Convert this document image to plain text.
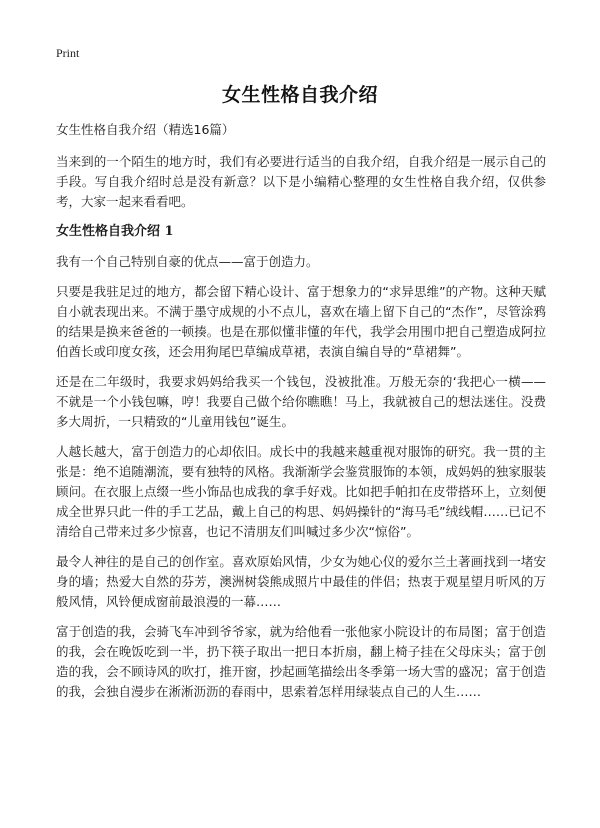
Print
女生性格自我介绍

女生性格自我介绍（精选16篇）

当来到的一个陌生的地方时，我们有必要进行适当的自我介绍，自我介绍是一展示自己的手段。写自我介绍时总是没有新意？以下是小编精心整理的女生性格自我介绍，仅供参考，大家一起来看看吧。

女生性格自我介绍 1

我有一个自己特别自豪的优点——富于创造力。

只要是我驻足过的地方，都会留下精心设计、富于想象力的“求异思维”的产物。这种天赋自小就表现出来。不满于墨守成规的小不点儿，喜欢在墙上留下自己的“杰作”，尽管涂鸦的结果是换来爸爸的一顿揍。也是在那似懂非懂的年代，我学会用围巾把自己塑造成阿拉伯酋长或印度女孩，还会用狗尾巴草编成草裙，表演自编自导的“草裙舞”。

还是在二年级时，我要求妈妈给我买一个钱包，没被批准。万般无奈的‘我把心一横——不就是一个小钱包嘛，哼！我要自己做个给你瞧瞧！马上，我就被自己的想法迷住。没费多大周折，一只精致的“儿童用钱包”诞生。

人越长越大，富于创造力的心却依旧。成长中的我越来越重视对服饰的研究。我一贯的主张是：绝不追随潮流，要有独特的风格。我渐渐学会鉴赏服饰的本领，成妈妈的独家服装顾问。在衣服上点缀一些小饰品也成我的拿手好戏。比如把手帕扣在皮带搭环上，立刻便成全世界只此一件的手工艺品，戴上自己的构思、妈妈操针的“海马毛”绒线帽……已记不清给自己带来过多少惊喜，也记不清朋友们叫喊过多少次“惊俗”。

最令人神往的是自己的创作室。喜欢原始风情，少女为她心仪的爱尔兰土著画找到一堵安身的墙；热爱大自然的芬芳，澳洲树袋熊成照片中最佳的伴侣；热衷于观星望月听风的万般风情，风铃便成窗前最浪漫的一幕……

富于创造的我，会骑飞车冲到爷爷家，就为给他看一张他家小院设计的布局图；富于创造的我，会在晚饭吃到一半，扔下筷子取出一把日本折扇，翻上椅子挂在父母床头；富于创造的我，会不顾诗风的吹打，推开窗，抄起画笔描绘出冬季第一场大雪的盛况；富于创造的我，会独自漫步在淅淅沥沥的春雨中，思索着怎样用绿装点自己的人生……
